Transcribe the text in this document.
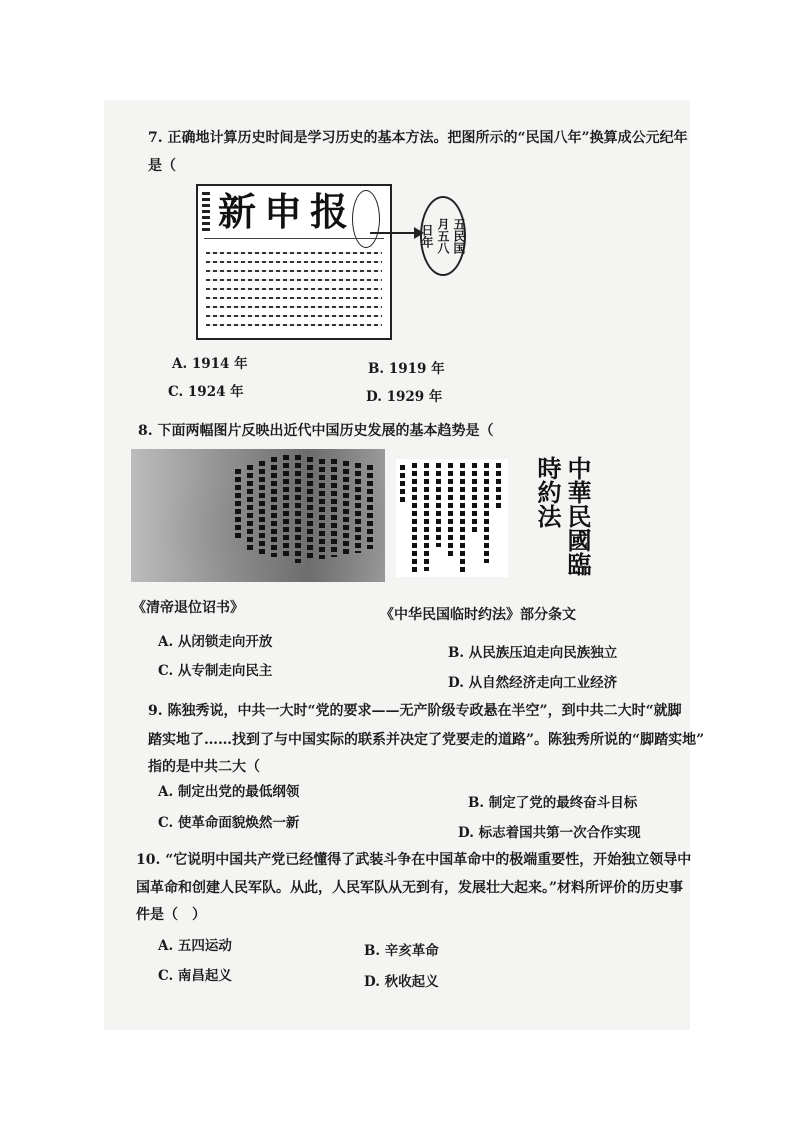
7. 正确地计算历史时间是学习历史的基本方法。把图所示的“民国八年”换算成公元纪年
是（
新申报
日年 月五八 五民国
A. 1914 年	B. 1919 年
C. 1924 年	D. 1929 年
8. 下面两幅图片反映出近代中国历史发展的基本趋势是（
中華民國臨時約法
《清帝退位诏书》	《中华民国临时约法》部分条文
A. 从闭锁走向开放
B. 从民族压迫走向民族独立
C. 从专制走向民主
D. 从自然经济走向工业经济
9. 陈独秀说，中共一大时“党的要求——无产阶级专政悬在半空”，到中共二大时“就脚
踏实地了……找到了与中国实际的联系并决定了党要走的道路”。陈独秀所说的“脚踏实地”
指的是中共二大（
A. 制定出党的最低纲领
B. 制定了党的最终奋斗目标
C. 使革命面貌焕然一新
D. 标志着国共第一次合作实现
10. “它说明中国共产党已经懂得了武装斗争在中国革命中的极端重要性，开始独立领导中
国革命和创建人民军队。从此，人民军队从无到有，发展壮大起来。”材料所评价的历史事
件是（　）
A. 五四运动	B. 辛亥革命
C. 南昌起义	D. 秋收起义
